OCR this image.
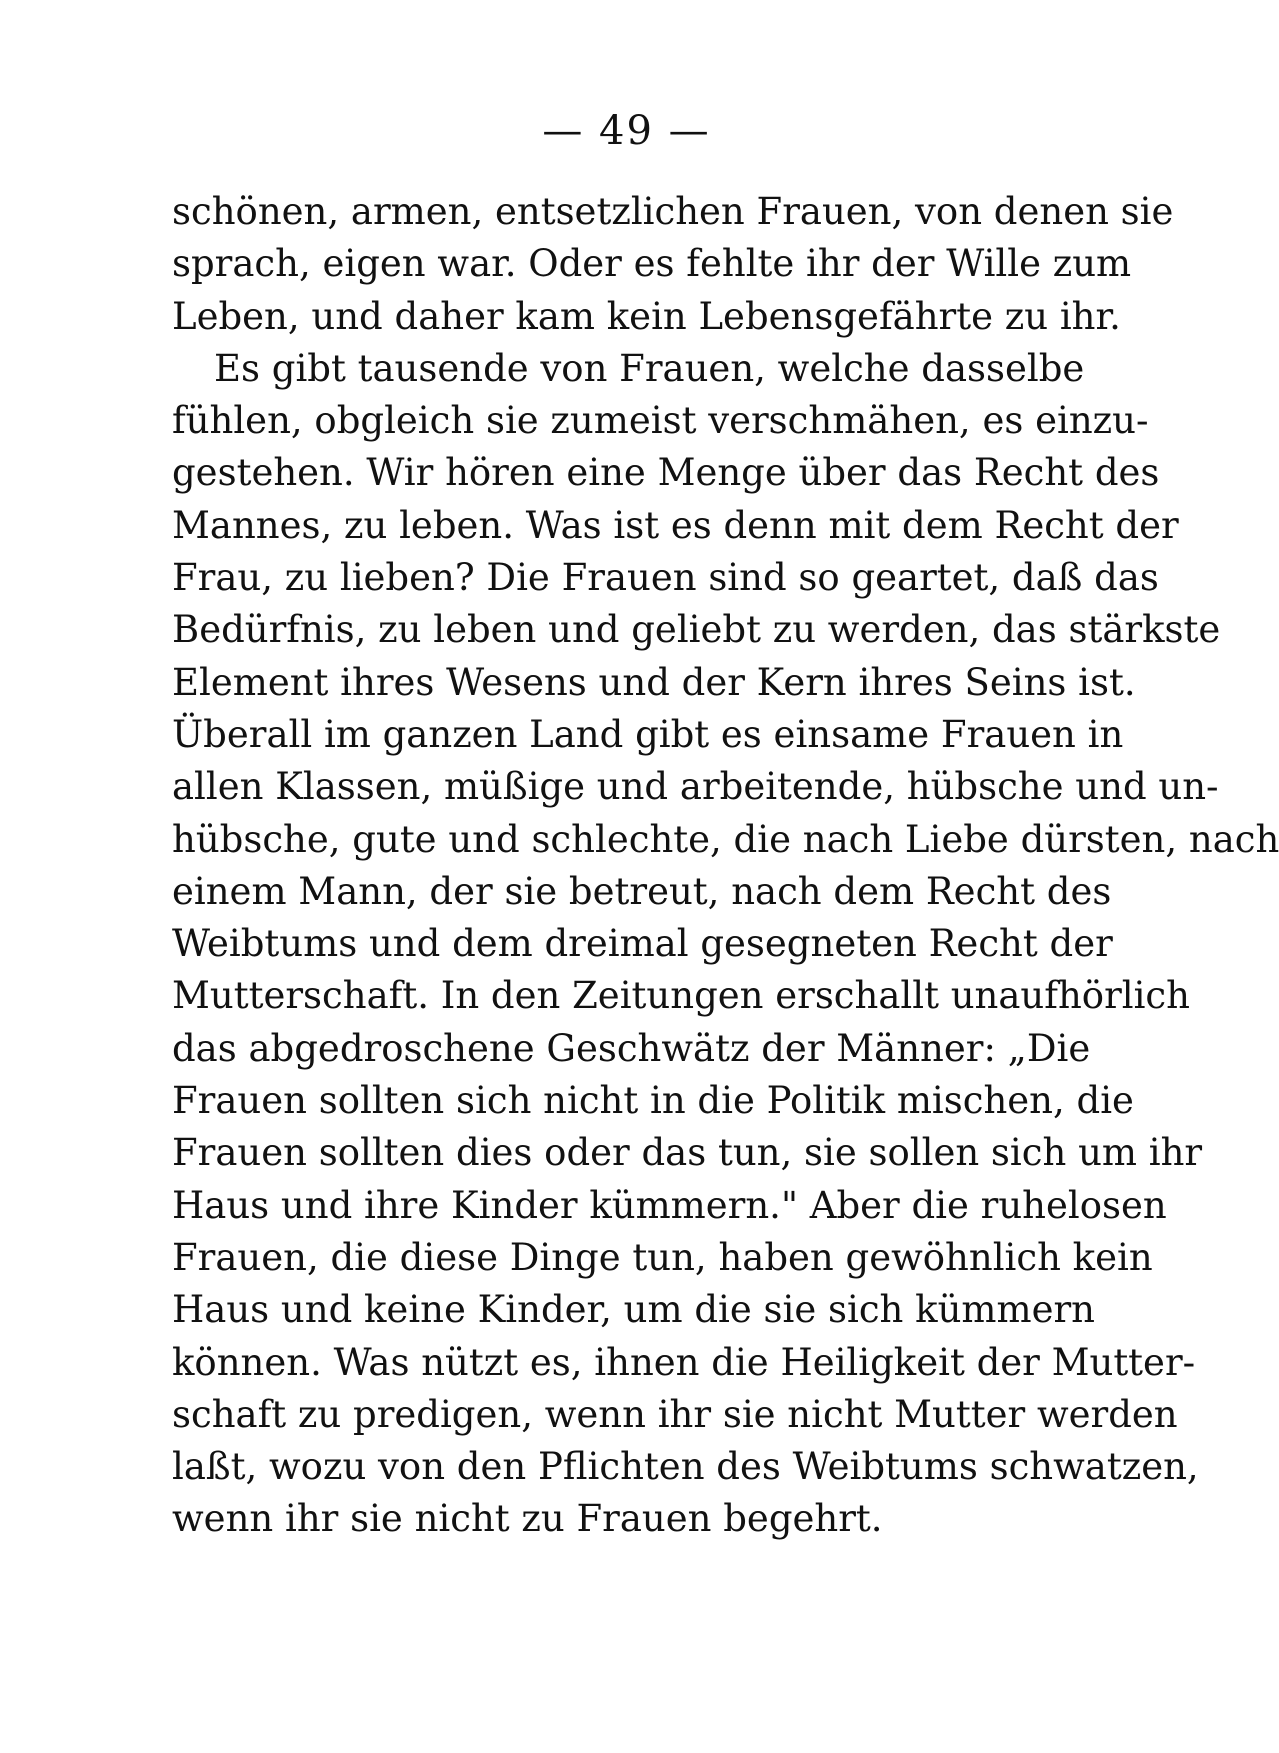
— 49 —
schönen, armen, entsetzlichen Frauen, von denen sie
sprach, eigen war. Oder es fehlte ihr der Wille zum
Leben, und daher kam kein Lebensgefährte zu ihr.
Es gibt tausende von Frauen, welche dasselbe
fühlen, obgleich sie zumeist verschmähen, es einzu-
gestehen. Wir hören eine Menge über das Recht des
Mannes, zu leben. Was ist es denn mit dem Recht der
Frau, zu lieben? Die Frauen sind so geartet, daß das
Bedürfnis, zu leben und geliebt zu werden, das stärkste
Element ihres Wesens und der Kern ihres Seins ist.
Überall im ganzen Land gibt es einsame Frauen in
allen Klassen, müßige und arbeitende, hübsche und un-
hübsche, gute und schlechte, die nach Liebe dürsten, nach
einem Mann, der sie betreut, nach dem Recht des
Weibtums und dem dreimal gesegneten Recht der
Mutterschaft. In den Zeitungen erschallt unaufhörlich
das abgedroschene Geschwätz der Männer: „Die
Frauen sollten sich nicht in die Politik mischen, die
Frauen sollten dies oder das tun, sie sollen sich um ihr
Haus und ihre Kinder kümmern." Aber die ruhelosen
Frauen, die diese Dinge tun, haben gewöhnlich kein
Haus und keine Kinder, um die sie sich kümmern
können. Was nützt es, ihnen die Heiligkeit der Mutter-
schaft zu predigen, wenn ihr sie nicht Mutter werden
laßt, wozu von den Pflichten des Weibtums schwatzen,
wenn ihr sie nicht zu Frauen begehrt.
